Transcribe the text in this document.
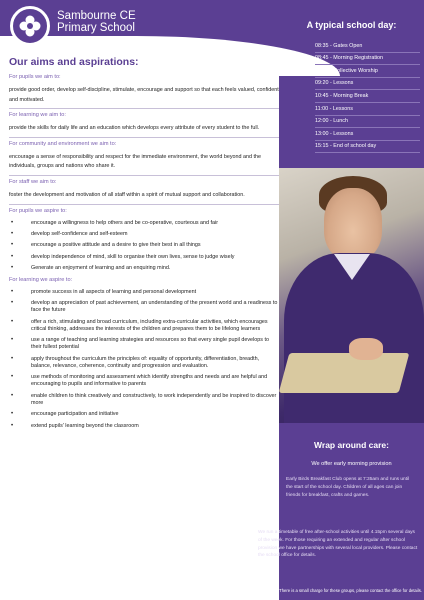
Sambourne CE
Primary School
Our aims and aspirations:
For pupils we aim to:
provide good order, develop self-discipline, stimulate, encourage and support so that each feels valued, confident and motivated.
For learning we aim to:
provide the skills for daily life and an education which develops every attribute of every student to the full.
For community and environment we aim to:
encourage a sense of responsibility and respect for the immediate environment, the world beyond and the individuals, groups and nations who share it.
For staff we aim to:
foster the development and motivation of all staff within a spirit of mutual support and collaboration.
For pupils we aspire to:
• encourage a willingness to help others and be co-operative, courteous and fair
• develop self-confidence and self-esteem
• encourage a positive attitude and a desire to give their best in all things
• develop independence of mind, skill to organise their own lives, sense to judge wisely
• Generate an enjoyment of learning and an enquiring mind.
For learning we aspire to:
• promote success in all aspects of learning and personal development
• develop an appreciation of past achievement, an understanding of the present world and a readiness to face the future
• offer a rich, stimulating and broad curriculum, including extra-curricular activities, which encourages critical thinking, addresses the interests of the children and prepares them to be lifelong learners
• use a range of teaching and learning strategies and resources so that every single pupil develops to their fullest potential
• apply throughout the curriculum the principles of: equality of opportunity, differentiation, breadth, balance, relevance, coherence, continuity and progression and evaluation.
• use methods of monitoring and assessment which identify strengths and needs and are helpful and encouraging to pupils and informative to parents
• enable children to think creatively and constructively, to work independently and be inspired to discover more
• encourage participation and initiative
• extend pupils' learning beyond the classroom
A typical school day:
08:35 - Gates Open
08:45 - Morning Registration
09:00 - Collective Worship
09:20 - Lessons
10:45 - Morning Break
11:00 - Lessons
12:00 - Lunch
13:00 - Lessons
15:15 - End of school day
Wrap around care:
We offer early morning provision
Early Birds Breakfast Club opens at 7:35am and runs until the start of the school day. Children of all ages can join friends for breakfast, crafts and games.
We run a timetable of free after-school activities until 4.15pm several days of the week. For those requiring an extended and regular after school provision we have partnerships with several local providers. Please contact the school office for details.
There is a small charge for these groups, please contact the office for details.
